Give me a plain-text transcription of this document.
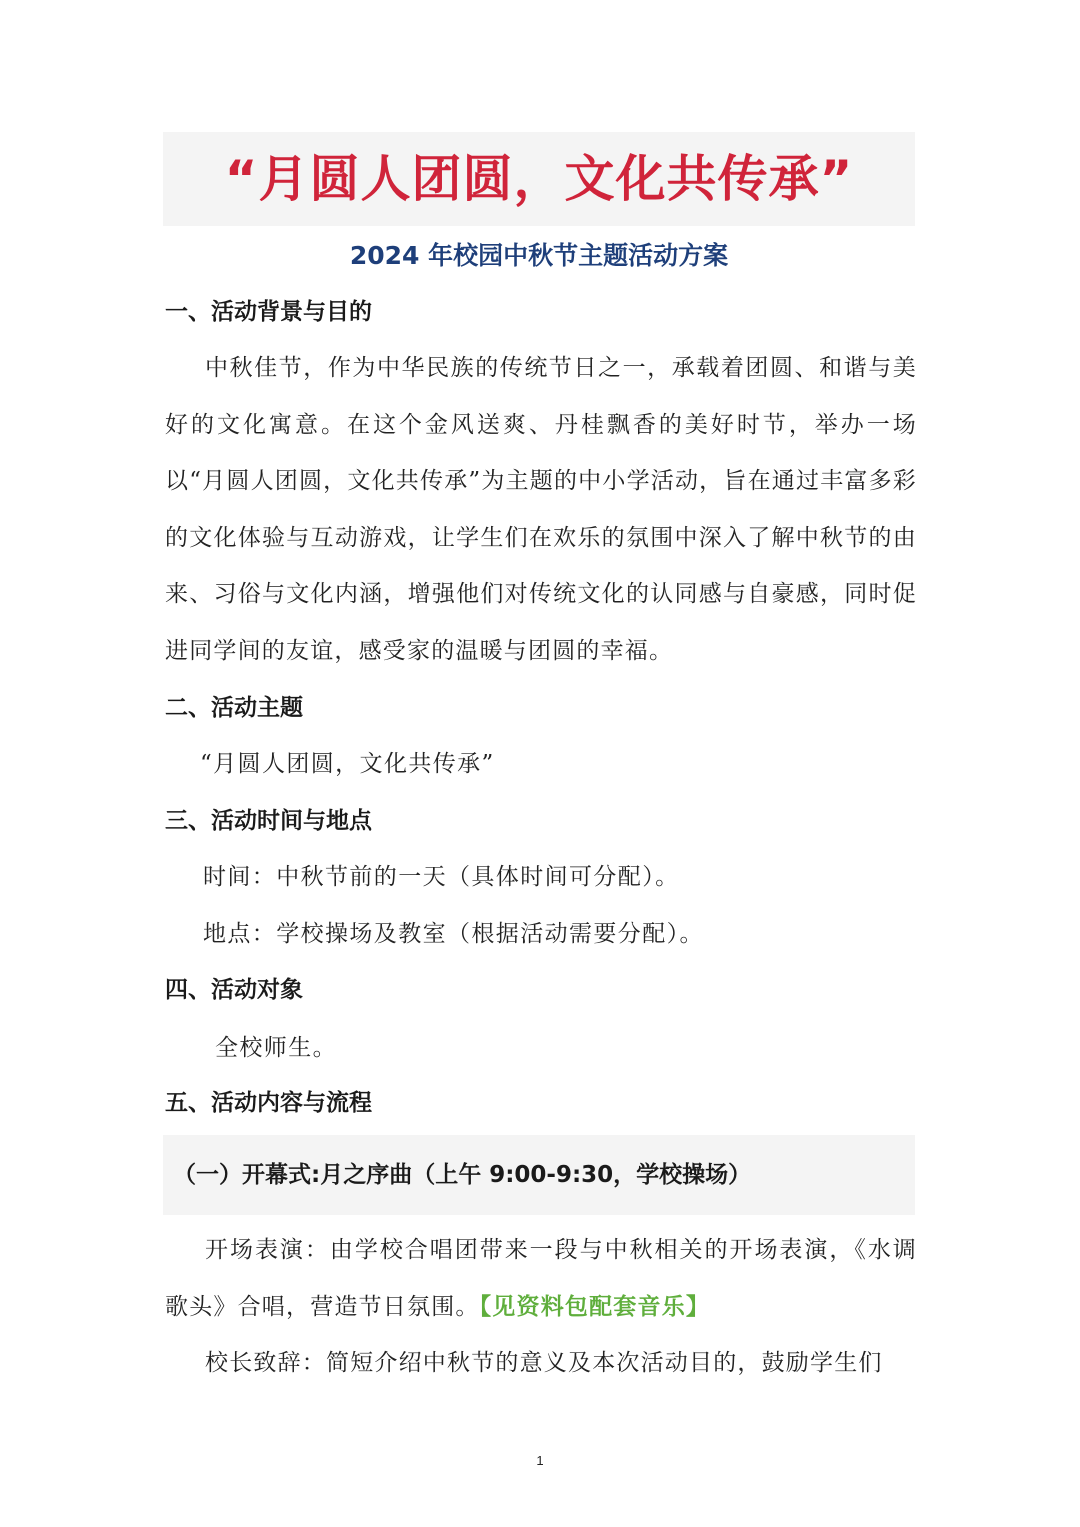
“月圆人团圆，文化共传承”
2024 年校园中秋节主题活动方案
一、活动背景与目的

中秋佳节，作为中华民族的传统节日之一，承载着团圆、和谐与美好的文化寓意。在这个金风送爽、丹桂飘香的美好时节，举办一场以“月圆人团圆，文化共传承”为主题的中小学活动，旨在通过丰富多彩的文化体验与互动游戏，让学生们在欢乐的氛围中深入了解中秋节的由来、习俗与文化内涵，增强他们对传统文化的认同感与自豪感，同时促进同学间的友谊，感受家的温暖与团圆的幸福。

二、活动主题
“月圆人团圆，文化共传承”
三、活动时间与地点
时间：中秋节前的一天（具体时间可分配）。
地点：学校操场及教室（根据活动需要分配）。
四、活动对象
全校师生。
五、活动内容与流程
（一）开幕式:月之序曲（上午 9:00-9:30，学校操场）

开场表演：由学校合唱团带来一段与中秋相关的开场表演，《水调歌头》合唱，营造节日氛围。【见资料包配套音乐】

校长致辞：简短介绍中秋节的意义及本次活动目的，鼓励学生们

1
